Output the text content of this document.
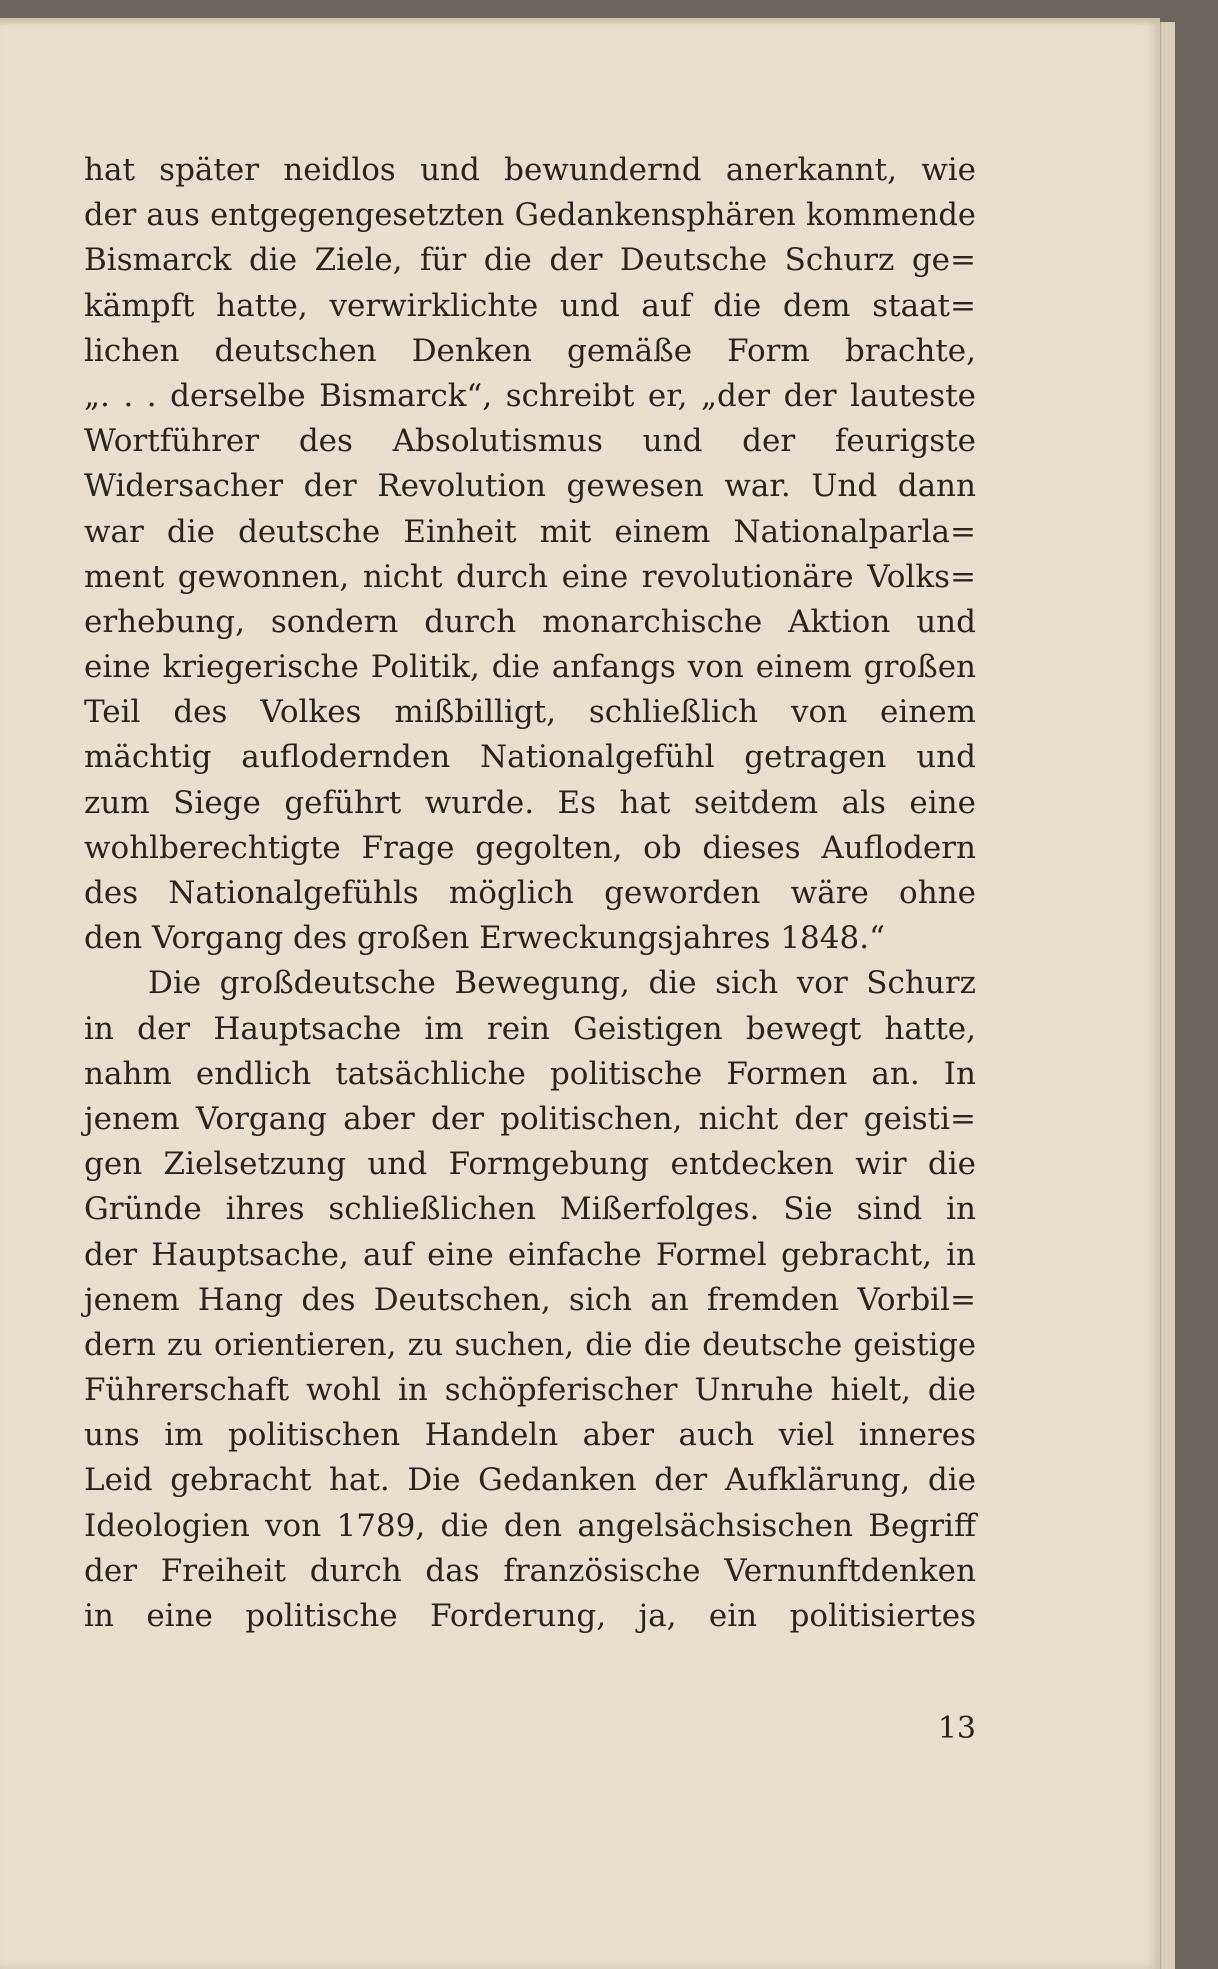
hat später neidlos und bewundernd anerkannt, wie
der aus entgegengesetzten Gedankensphären kommende
Bismarck die Ziele, für die der Deutsche Schurz ge=
kämpft hatte, verwirklichte und auf die dem staat=
lichen deutschen Denken gemäße Form brachte,
„. . . derselbe Bismarck“, schreibt er, „der der lauteste
Wortführer des Absolutismus und der feurigste
Widersacher der Revolution gewesen war. Und dann
war die deutsche Einheit mit einem Nationalparla=
ment gewonnen, nicht durch eine revolutionäre Volks=
erhebung, sondern durch monarchische Aktion und
eine kriegerische Politik, die anfangs von einem großen
Teil des Volkes mißbilligt, schließlich von einem
mächtig auflodernden Nationalgefühl getragen und
zum Siege geführt wurde. Es hat seitdem als eine
wohlberechtigte Frage gegolten, ob dieses Auflodern
des Nationalgefühls möglich geworden wäre ohne
den Vorgang des großen Erweckungsjahres 1848.“
Die großdeutsche Bewegung, die sich vor Schurz
in der Hauptsache im rein Geistigen bewegt hatte,
nahm endlich tatsächliche politische Formen an. In
jenem Vorgang aber der politischen, nicht der geisti=
gen Zielsetzung und Formgebung entdecken wir die
Gründe ihres schließlichen Mißerfolges. Sie sind in
der Hauptsache, auf eine einfache Formel gebracht, in
jenem Hang des Deutschen, sich an fremden Vorbil=
dern zu orientieren, zu suchen, die die deutsche geistige
Führerschaft wohl in schöpferischer Unruhe hielt, die
uns im politischen Handeln aber auch viel inneres
Leid gebracht hat. Die Gedanken der Aufklärung, die
Ideologien von 1789, die den angelsächsischen Begriff
der Freiheit durch das französische Vernunftdenken
in eine politische Forderung, ja, ein politisiertes
13
